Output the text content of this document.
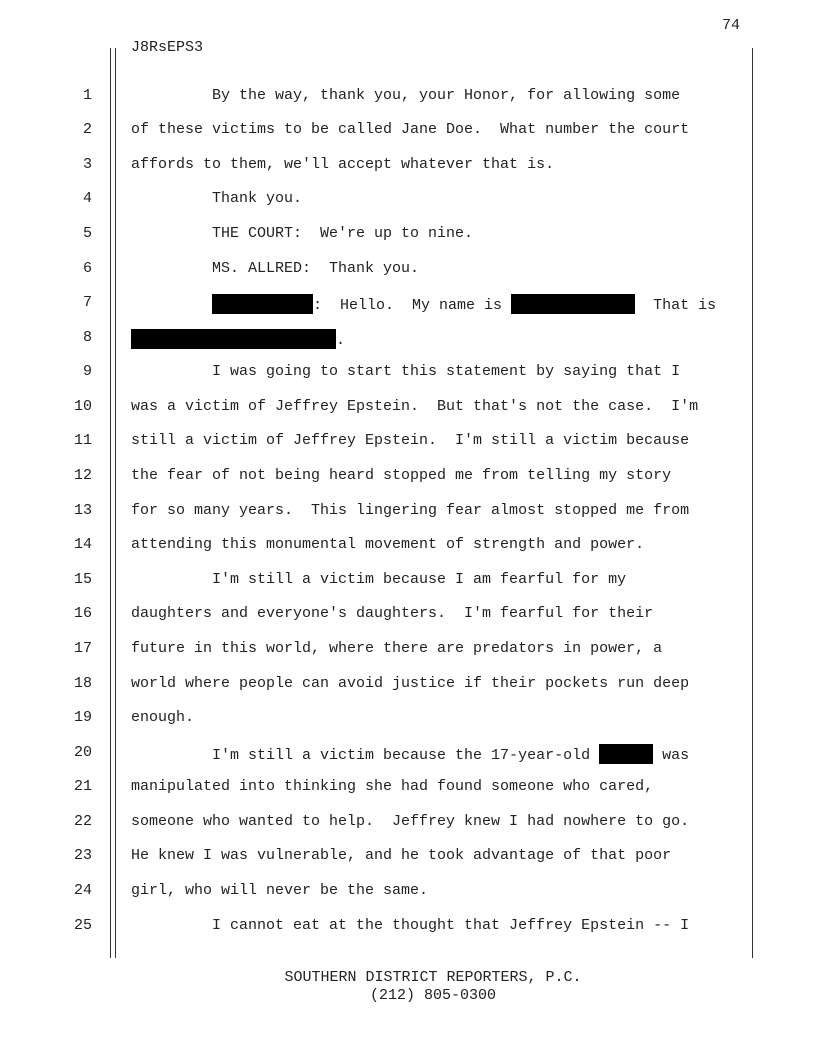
74
J8RsEPS3
1
2
3
4
5
6
7
8
9
10
11
12
13
14
15
16
17
18
19
20
21
22
23
24
25
By the way, thank you, your Honor, for allowing some
of these victims to be called Jane Doe.  What number the court
affords to them, we'll accept whatever that is.
Thank you.
THE COURT:  We're up to nine.
MS. ALLRED:  Thank you.
:  Hello.  My name is	That is
.
I was going to start this statement by saying that I
was a victim of Jeffrey Epstein.  But that's not the case.  I'm
still a victim of Jeffrey Epstein.  I'm still a victim because
the fear of not being heard stopped me from telling my story
for so many years.  This lingering fear almost stopped me from
attending this monumental movement of strength and power.
I'm still a victim because I am fearful for my
daughters and everyone's daughters.  I'm fearful for their
future in this world, where there are predators in power, a
world where people can avoid justice if their pockets run deep
enough.
I'm still a victim because the 17-year-old	was
manipulated into thinking she had found someone who cared,
someone who wanted to help.  Jeffrey knew I had nowhere to go.
He knew I was vulnerable, and he took advantage of that poor
girl, who will never be the same.
I cannot eat at the thought that Jeffrey Epstein -- I
SOUTHERN DISTRICT REPORTERS, P.C.
(212) 805-0300
